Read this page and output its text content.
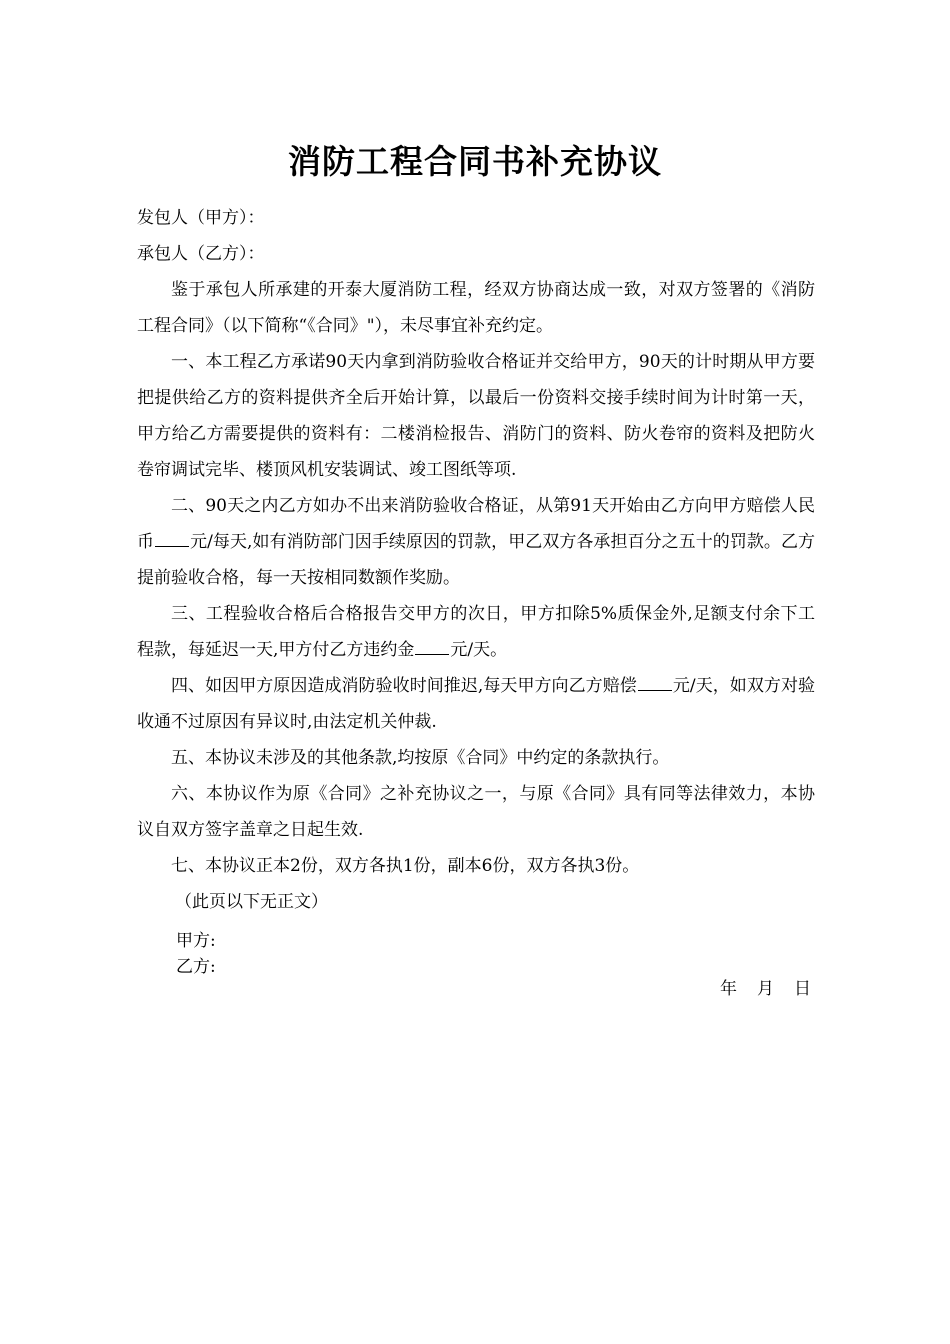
消防工程合同书补充协议

发包人（甲方）：

承包人（乙方）：

鉴于承包人所承建的开泰大厦消防工程，经双方协商达成一致，对双方签署的《消防工程合同》（以下简称“《合同》"），未尽事宜补充约定。

一、本工程乙方承诺90天内拿到消防验收合格证并交给甲方，90天的计时期从甲方要把提供给乙方的资料提供齐全后开始计算，以最后一份资料交接手续时间为计时第一天，甲方给乙方需要提供的资料有：二楼消检报告、消防门的资料、防火卷帘的资料及把防火卷帘调试完毕、楼顶风机安装调试、竣工图纸等项.

二、90天之内乙方如办不出来消防验收合格证，从第91天开始由乙方向甲方赔偿人民币 元/每天,如有消防部门因手续原因的罚款，甲乙双方各承担百分之五十的罚款。乙方提前验收合格，每一天按相同数额作奖励。

三、工程验收合格后合格报告交甲方的次日，甲方扣除5%质保金外,足额支付余下工程款，每延迟一天,甲方付乙方违约金 元/天。

四、如因甲方原因造成消防验收时间推迟,每天甲方向乙方赔偿 元/天，如双方对验收通不过原因有异议时,由法定机关仲裁.

五、本协议未涉及的其他条款,均按原《合同》中约定的条款执行。

六、本协议作为原《合同》之补充协议之一，与原《合同》具有同等法律效力，本协议自双方签字盖章之日起生效.

七、本协议正本2份，双方各执1份，副本6份，双方各执3份。

（此页以下无正文）

甲方:
乙方:
年 月 日
